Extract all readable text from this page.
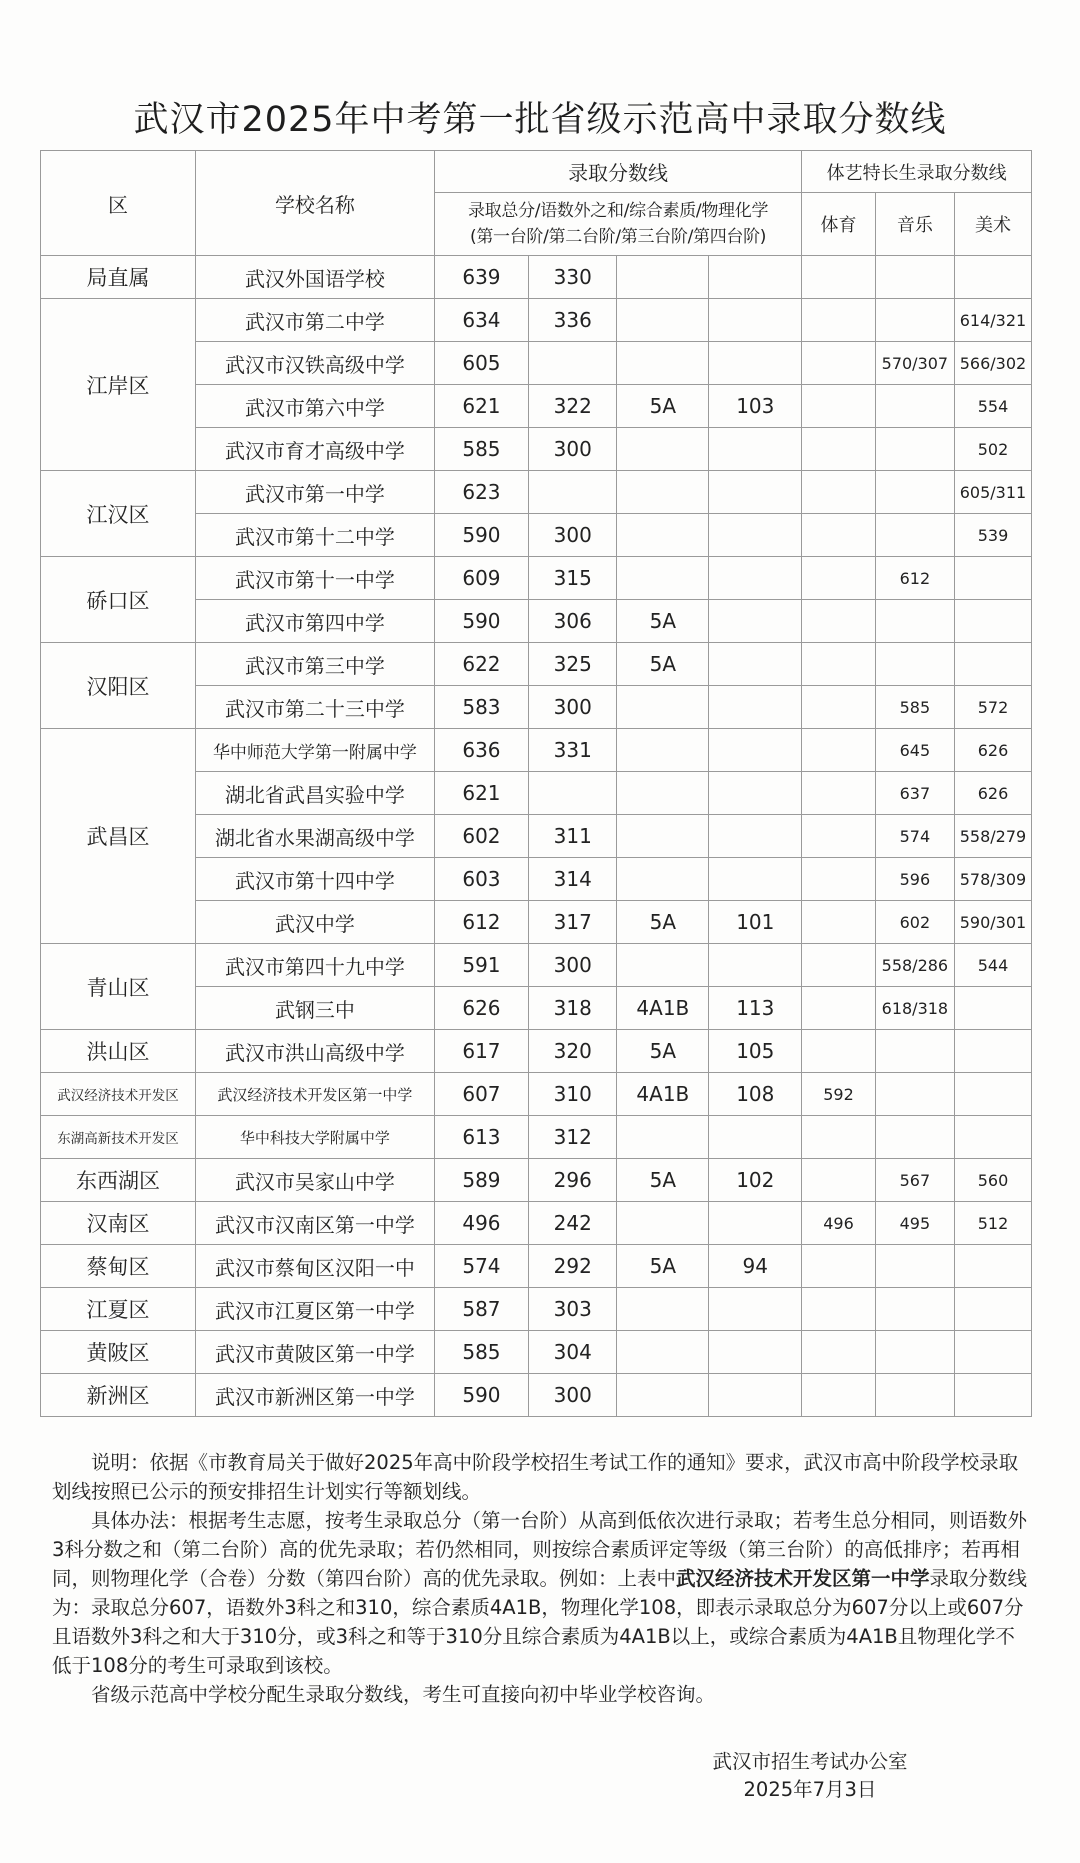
武汉市2025年中考第一批省级示范高中录取分数线
区	学校名称	录取分数线				体艺特长生录取分数线		

		录取总分/语数外之和/综合素质/物理化学
(第一台阶/第二台阶/第三台阶/第四台阶)				体育	音乐	美术
局直属	武汉外国语学校	639	330					
江岸区	武汉市第二中学	634	336					614/321
	武汉市汉铁高级中学	605					570/307	566/302
	武汉市第六中学	621	322	5A	103			554
	武汉市育才高级中学	585	300					502
江汉区	武汉市第一中学	623						605/311
	武汉市第十二中学	590	300					539
硚口区	武汉市第十一中学	609	315				612	
	武汉市第四中学	590	306	5A				
汉阳区	武汉市第三中学	622	325	5A				
	武汉市第二十三中学	583	300				585	572
武昌区	华中师范大学第一附属中学	636	331				645	626
	湖北省武昌实验中学	621					637	626
	湖北省水果湖高级中学	602	311				574	558/279
	武汉市第十四中学	603	314				596	578/309
	武汉中学	612	317	5A	101		602	590/301
青山区	武汉市第四十九中学	591	300				558/286	544
	武钢三中	626	318	4A1B	113		618/318	
洪山区	武汉市洪山高级中学	617	320	5A	105			
武汉经济技术开发区	武汉经济技术开发区第一中学	607	310	4A1B	108	592		
东湖高新技术开发区	华中科技大学附属中学	613	312					
东西湖区	武汉市吴家山中学	589	296	5A	102		567	560
汉南区	武汉市汉南区第一中学	496	242			496	495	512
蔡甸区	武汉市蔡甸区汉阳一中	574	292	5A	94			
江夏区	武汉市江夏区第一中学	587	303					
黄陂区	武汉市黄陂区第一中学	585	304					
新洲区	武汉市新洲区第一中学	590	300					

说明：依据《市教育局关于做好2025年高中阶段学校招生考试工作的通知》要求，武汉市高中阶段学校录取划线按照已公示的预安排招生计划实行等额划线。

具体办法：根据考生志愿，按考生录取总分（第一台阶）从高到低依次进行录取；若考生总分相同，则语数外3科分数之和（第二台阶）高的优先录取；若仍然相同，则按综合素质评定等级（第三台阶）的高低排序；若再相同，则物理化学（合卷）分数（第四台阶）高的优先录取。例如：上表中武汉经济技术开发区第一中学录取分数线为：录取总分607，语数外3科之和310，综合素质4A1B，物理化学108，即表示录取总分为607分以上或607分且语数外3科之和大于310分，或3科之和等于310分且综合素质为4A1B以上，或综合素质为4A1B且物理化学不低于108分的考生可录取到该校。

省级示范高中学校分配生录取分数线，考生可直接向初中毕业学校咨询。

武汉市招生考试办公室
2025年7月3日
